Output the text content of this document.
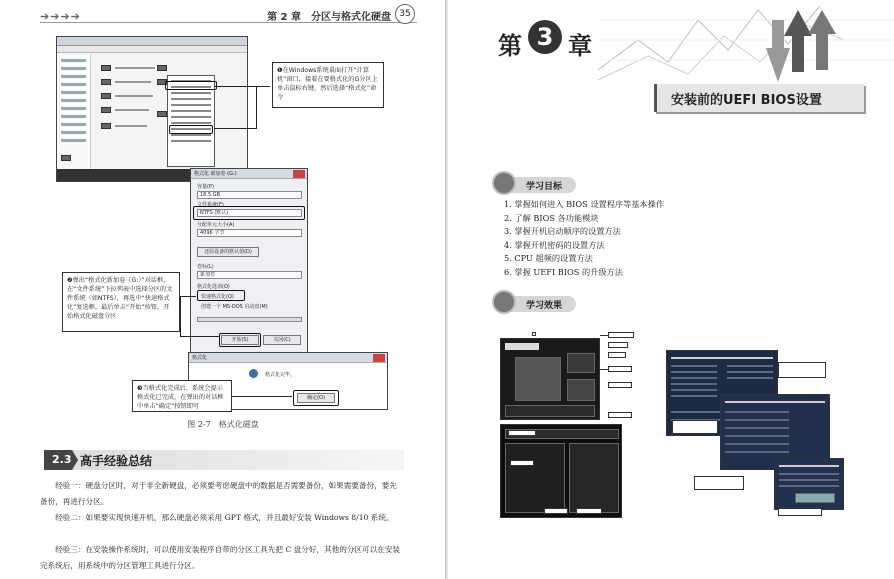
➔➔➔➔	第 2 章　分区与格式化硬盘 35
❶在Windows系统桌面打开“计算机”窗口，接着在要格式化的G分区上单击鼠标右键，然后选择“格式化”命令
格式化 新加卷 (G:)
容量(P)
18.5 GB
文件系统(F)
NTFS (默认)
分配单元大小(A)
4096 字节
还原设备的默认值(D)
卷标(L)
新加卷
格式化选项(O)
快速格式化(Q)
创建一个 MS-DOS 启动盘(M)
开始(S)	关闭(C)
❷弹出“格式化新加卷（G:）”对话框，在“文件系统”下拉列表中选择分区的文件系统（如NTFS），再选中“快速格式化”复选框，最后单击“开始”按钮，开始格式化磁盘分区
格式化
格式化完毕。
确定(O)
❸当格式化完成后，系统会提示格式化已完成，在弹出的对话框中单击“确定”按钮即可
图 2-7　格式化磁盘
2.3 高手经验总结

经验一：硬盘分区时，对于非全新硬盘，必须要考虑硬盘中的数据是否需要备份，如果需要备份，要先备份，再进行分区。

经验二：如果要实现快速开机，那么硬盘必须采用 GPT 格式，并且最好安装 Windows 8/10 系统。

经验三：在安装操作系统时，可以使用安装程序自带的分区工具先把 C 盘分好，其他的分区可以在安装完系统后，用系统中的分区管理工具进行分区。

第 3 章
安装前的UEFI BIOS设置
学习目标
1. 掌握如何进入 BIOS 设置程序等基本操作
2. 了解 BIOS 各功能模块
3. 掌握开机启动顺序的设置方法
4. 掌握开机密码的设置方法
5. CPU 超频的设置方法
6. 掌握 UEFI BIOS 的升级方法
学习效果
